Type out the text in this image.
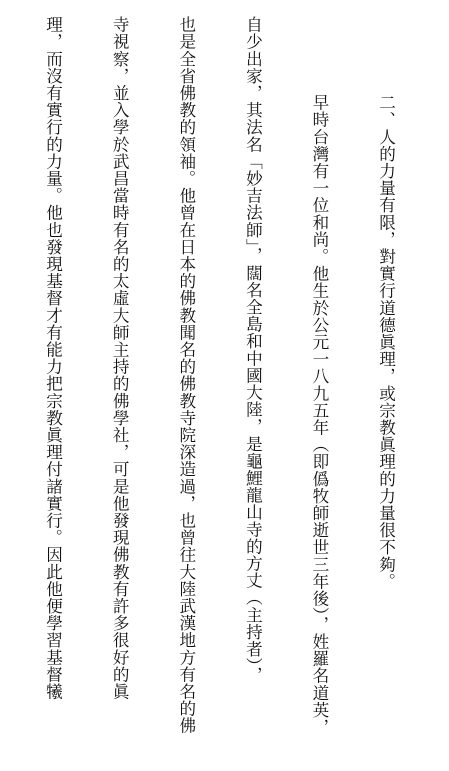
二、人的力量有限，對實行道德眞理，或宗教眞理的力量很不夠。

早時台灣有一位和尚。他生於公元一八九五年（即僞牧師逝世三年後），姓羅名道英，

自少出家，其法名「妙吉法師」，闊名全島和中國大陸，是龜鯉龍山寺的方丈（主持者），

也是全省佛教的領袖。他曾在日本的佛教聞名的佛教寺院深造過，也曾往大陸武漢地方有名的佛

寺視察，並入學於武昌當時有名的太虛大師主持的佛學社，可是他發現佛教有許多很好的眞

理，而沒有實行的力量。他也發現基督才有能力把宗教眞理付諸實行。因此他便學習基督犧
